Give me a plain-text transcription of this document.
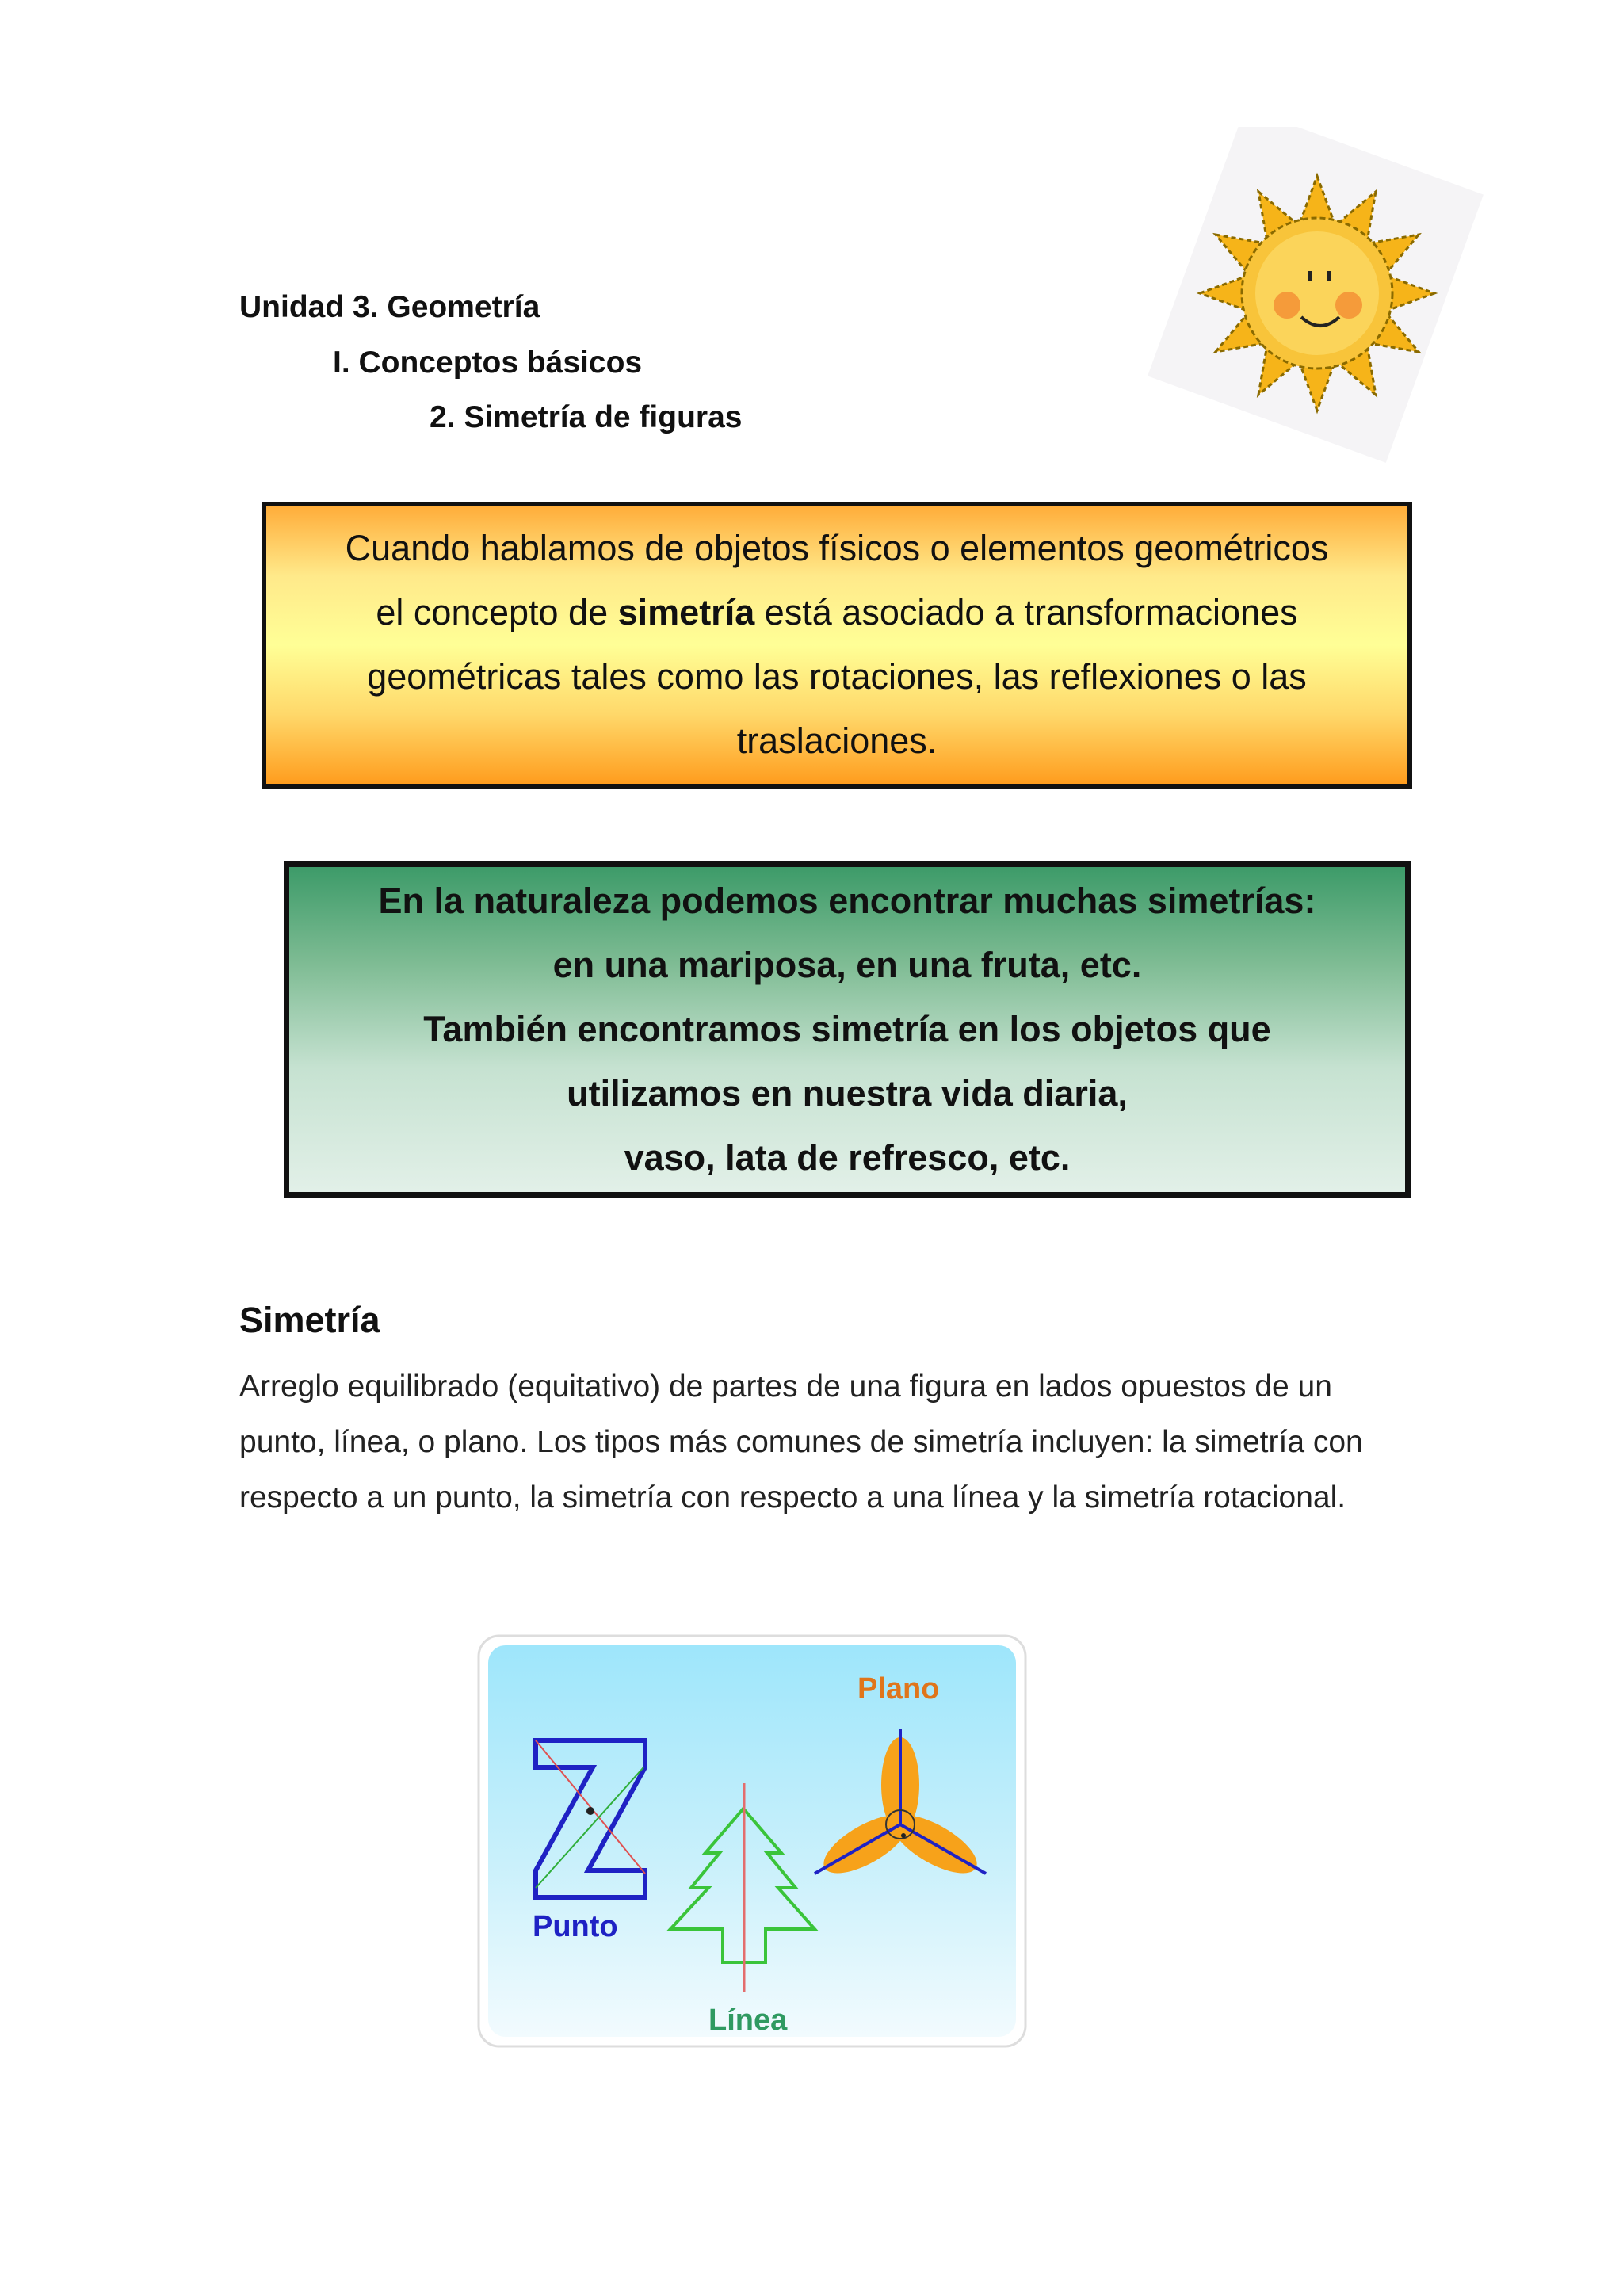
Unidad 3. Geometría
I. Conceptos básicos
2. Simetría de figuras
Cuando hablamos de objetos físicos o elementos geométricos
el concepto de simetría está asociado a transformaciones
geométricas tales como las rotaciones, las reflexiones o las
traslaciones.
En la naturaleza podemos encontrar muchas simetrías:
en una mariposa, en una fruta, etc.
También encontramos simetría en los objetos que
utilizamos en nuestra vida diaria,
vaso, lata de refresco, etc.
Simetría
Arreglo equilibrado (equitativo) de partes de una figura en lados opuestos de un punto, línea, o plano. Los tipos más comunes de simetría incluyen: la simetría con respecto a un punto, la simetría con respecto a una línea y la simetría rotacional.
Plano
Punto
Línea
